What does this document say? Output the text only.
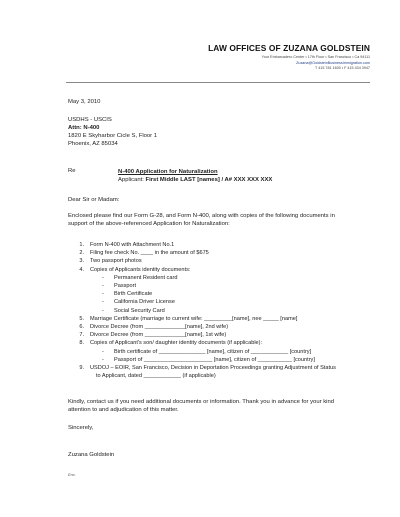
LAW OFFICES OF ZUZANA GOLDSTEIN
Your Embarcadero Center • 17th Floor • San Francisco • Ca 94111
Zuzana@GoldsteinBusinessImmigration.com
T 415 781 1600 • F 415 434 3947
May 3, 2010
USDHS - USCIS
Attn: N-400
1820 E Skyharbor Cicle S, Floor 1
Phoenix, AZ 85034
Re	N-400 Application for Naturalization
Applicant: First Middle LAST [names] / A# XXX XXX XXX
Dear Sir or Madam:
Enclosed please find our Form G-28, and Form N-400, along with copies of the following documents in
support of the above-referenced Application for Naturalization:
1.	Form N-400 with Attachment No.1
2.	Filing fee check No. ____ in the amount of $675
3.	Two passport photos
4.	Copies of Applicants identity documents:
-	Permanent Resident card
-	Passport
-	Birth Certificate
-	California Driver License
-	Social Security Card
5.	Marriage Certificate (marriage to current wife: _________[name], nee _____ [name]
6.	Divorce Decree (from _____________[name], 2nd wife)
7.	Divorce Decree (from _____________[name], 1st wife)
8.	Copies of Applicant's son/ daughter identity documents (if applicable):
-	Birth certificate of _______________ [name], citizen of ____________ [country]
-	Passport of ______________________ [name], citizen of ___________ [country]
9.	USDOJ – EOIR, San Francisco, Decision in Deportation Proceedings granting Adjustment of Status
to Applicant, dated ____________ (if applicable)
Kindly, contact us if you need additional documents or information. Thank you in advance for your kind
attention to and adjudication of this matter.
Sincerely,
Zuzana Goldstein
Enc.
